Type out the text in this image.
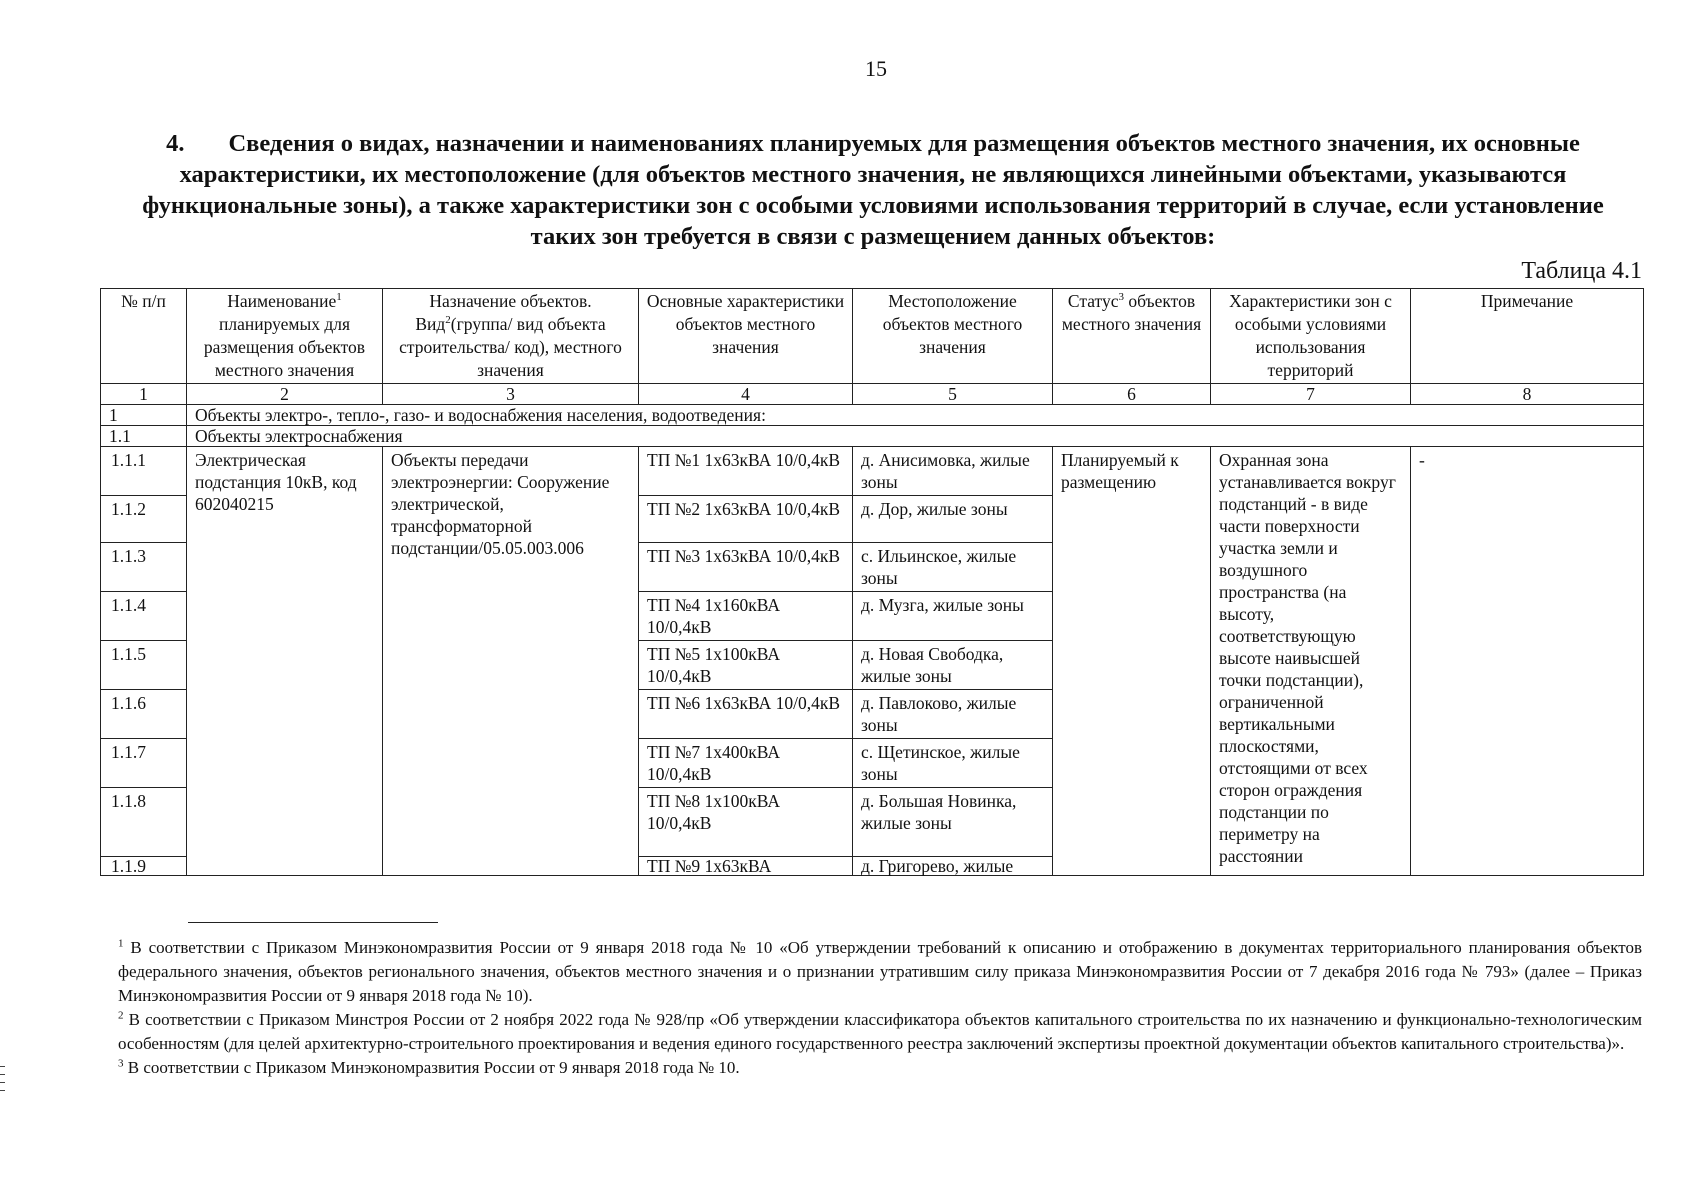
15
4. Сведения о видах, назначении и наименованиях планируемых для размещения объектов местного значения, их основные характеристики, их местоположение (для объектов местного значения, не являющихся линейными объектами, указываются функциональные зоны), а также характеристики зон с особыми условиями использования территорий в случае, если установление таких зон требуется в связи с размещением данных объектов:
Таблица 4.1
№ п/п	Наименование$^1$ планируемых для размещения объектов местного значения	Назначение объектов. Вид$^2$(группа/ вид объекта строительства/ код), местного значения	Основные характеристики объектов местного значения	Местоположение объектов местного значения	Статус$^3$ объектов местного значения	Характеристики зон с особыми условиями использования территорий	Примечание
1	2	3	4	5	6	7	8
1	Объекты электро-, тепло-, газо- и водоснабжения населения, водоотведения:						
1.1	Объекты электроснабжения						
1.1.1	Электрическая подстанция 10кВ, код 602040215	Объекты передачи электроэнергии: Сооружение электрической, трансформаторной подстанции/05.05.003.006	ТП №1 1х63кВА 10/0,4кВ	д. Анисимовка, жилые зоны	Планируемый к размещению	Охранная зона устанавливается вокруг подстанций - в виде части поверхности участка земли и воздушного пространства (на высоту, соответствующую высоте наивысшей точки подстанции), ограниченной вертикальными плоскостями, отстоящими от всех сторон ограждения подстанции по периметру на расстоянии	-
1.1.2			ТП №2 1х63кВА 10/0,4кВ	д. Дор, жилые зоны			
1.1.3			ТП №3 1х63кВА 10/0,4кВ	с. Ильинское, жилые зоны			
1.1.4			ТП №4 1х160кВА 10/0,4кВ	д. Музга, жилые зоны			
1.1.5			ТП №5 1х100кВА 10/0,4кВ	д. Новая Свободка, жилые зоны			
1.1.6			ТП №6 1х63кВА 10/0,4кВ	д. Павлоково, жилые зоны			
1.1.7			ТП №7 1х400кВА 10/0,4кВ	с. Щетинское, жилые зоны			
1.1.8			ТП №8 1х100кВА 10/0,4кВ	д. Большая Новинка, жилые зоны			
1.1.9			ТП №9 1х63кВА	д. Григорево, жилые			

$^1$ В соответствии с Приказом Минэкономразвития России от 9 января 2018 года № 10 «Об утверждении требований к описанию и отображению в документах территориального планирования объектов федерального значения, объектов регионального значения, объектов местного значения и о признании утратившим силу приказа Минэкономразвития России от 7 декабря 2016 года № 793» (далее – Приказ Минэкономразвития России от 9 января 2018 года № 10).

$^2$ В соответствии с Приказом Минстроя России от 2 ноября 2022 года № 928/пр «Об утверждении классификатора объектов капитального строительства по их назначению и функционально-технологическим особенностям (для целей архитектурно-строительного проектирования и ведения единого государственного реестра заключений экспертизы проектной документации объектов капитального строительства)».

$^3$ В соответствии с Приказом Минэкономразвития России от 9 января 2018 года № 10.
